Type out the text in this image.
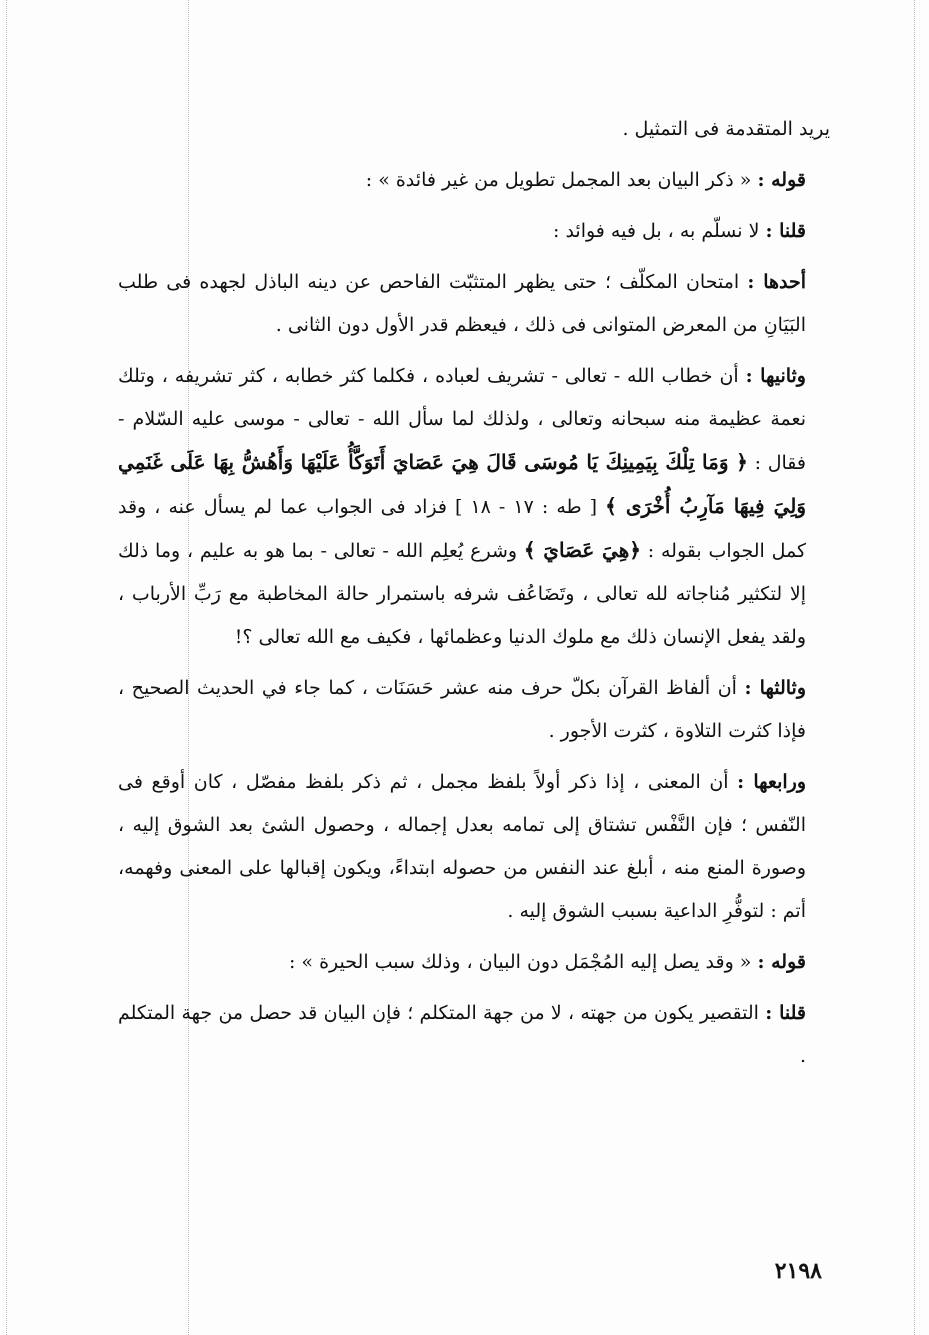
يريد المتقدمة فى التمثيل .

قوله : « ذكر البيان بعد المجمل تطويل من غير فائدة » :

قلنا : لا نسلّم به ، بل فيه فوائد :

أحدها : امتحان المكلّف ؛ حتى يظهر المتثبّت الفاحص عن دينه الباذل لجهده فى طلب البَيَانِ من المعرض المتوانى فى ذلك ، فيعظم قدر الأول دون الثانى .

وثانيها : أن خطاب الله - تعالى - تشريف لعباده ، فكلما كثر خطابه ، كثر تشريفه ، وتلك نعمة عظيمة منه سبحانه وتعالى ، ولذلك لما سأل الله - تعالى - موسى عليه السّلام - فقال : ﴿ وَمَا تِلْكَ بِيَمِينِكَ يَا مُوسَى قَالَ هِيَ عَصَايَ أَتَوَكَّأُ عَلَيْهَا وَأَهُشُّ بِهَا عَلَى غَنَمِي وَلِيَ فِيهَا مَآرِبُ أُخْرَى ﴾ [ طه : ١٧ - ١٨ ] فزاد فى الجواب عما لم يسأل عنه ، وقد كمل الجواب بقوله : ﴿هِيَ عَصَايَ ﴾ وشرع يُعلِم الله - تعالى - بما هو به عليم ، وما ذلك إلا لتكثير مُناجاته لله تعالى ، وتَضَاعُف شرفه باستمرار حالة المخاطبة مع رَبِّ الأرباب ، ولقد يفعل الإنسان ذلك مع ملوك الدنيا وعظمائها ، فكيف مع الله تعالى ؟!

وثالثها : أن ألفاظ القرآن بكلّ حرف منه عشر حَسَنَات ، كما جاء في الحديث الصحيح ، فإذا كثرت التلاوة ، كثرت الأجور .

ورابعها : أن المعنى ، إذا ذكر أولاً بلفظ مجمل ، ثم ذكر بلفظ مفصّل ، كان أوقع فى النّفس ؛ فإن النَّفْس تشتاق إلى تمامه بعدل إجماله ، وحصول الشئ بعد الشوق إليه ، وصورة المنع منه ، أبلغ عند النفس من حصوله ابتداءً، ويكون إقبالها على المعنى وفهمه، أتم : لتوفُّرِ الداعية بسبب الشوق إليه .

قوله : « وقد يصل إليه المُجْمَل دون البيان ، وذلك سبب الحيرة » :

قلنا : التقصير يكون من جهته ، لا من جهة المتكلم ؛ فإن البيان قد حصل من جهة المتكلم .

٢١٩٨
